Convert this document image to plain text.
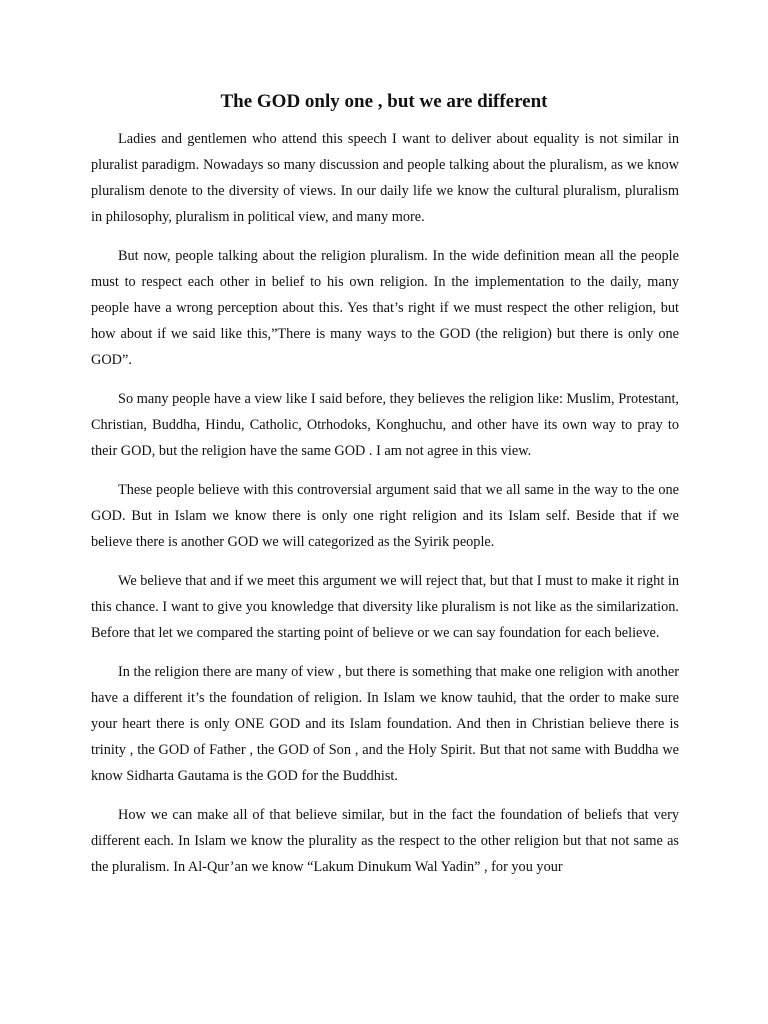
The GOD only one , but we are different

Ladies and gentlemen who attend this speech I want to deliver about equality is not similar in pluralist paradigm. Nowadays so many discussion and people talking about the pluralism, as we know pluralism denote to the diversity of views. In our daily life we know the cultural pluralism, pluralism in philosophy, pluralism in political view, and many more.

But now, people talking about the religion pluralism. In the wide definition mean all the people must to respect each other in belief to his own religion. In the implementation to the daily, many people have a wrong perception about this. Yes that’s right if we must respect the other religion, but how about if we said like this,”There is many ways to the GOD (the religion) but there is only one GOD”.

So many people have a view like I said before, they believes the religion like: Muslim, Protestant, Christian, Buddha, Hindu, Catholic, Otrhodoks, Konghuchu, and other have its own way to pray to their GOD, but the religion have the same GOD . I am not agree in this view.

These people believe with this controversial argument said that we all same in the way to the one GOD. But in Islam we know there is only one right religion and its Islam self. Beside that if we believe there is another GOD we will categorized as the Syirik people.

We believe that and if we meet this argument we will reject that, but that I must to make it right in this chance. I want to give you knowledge that diversity like pluralism is not like as the similarization. Before that let we compared the starting point of believe or we can say foundation for each believe.

In the religion there are many of view , but there is something that make one religion with another have a different it’s the foundation of religion. In Islam we know tauhid, that the order to make sure your heart there is only ONE GOD and its Islam foundation. And then in Christian believe there is trinity , the GOD of Father , the GOD of Son , and the Holy Spirit. But that not same with Buddha we know Sidharta Gautama is the GOD for the Buddhist.

How we can make all of that believe similar, but in the fact the foundation of beliefs that very different each. In Islam we know the plurality as the respect to the other religion but that not same as the pluralism. In Al-Qur’an we know “Lakum Dinukum Wal Yadin” , for you your
